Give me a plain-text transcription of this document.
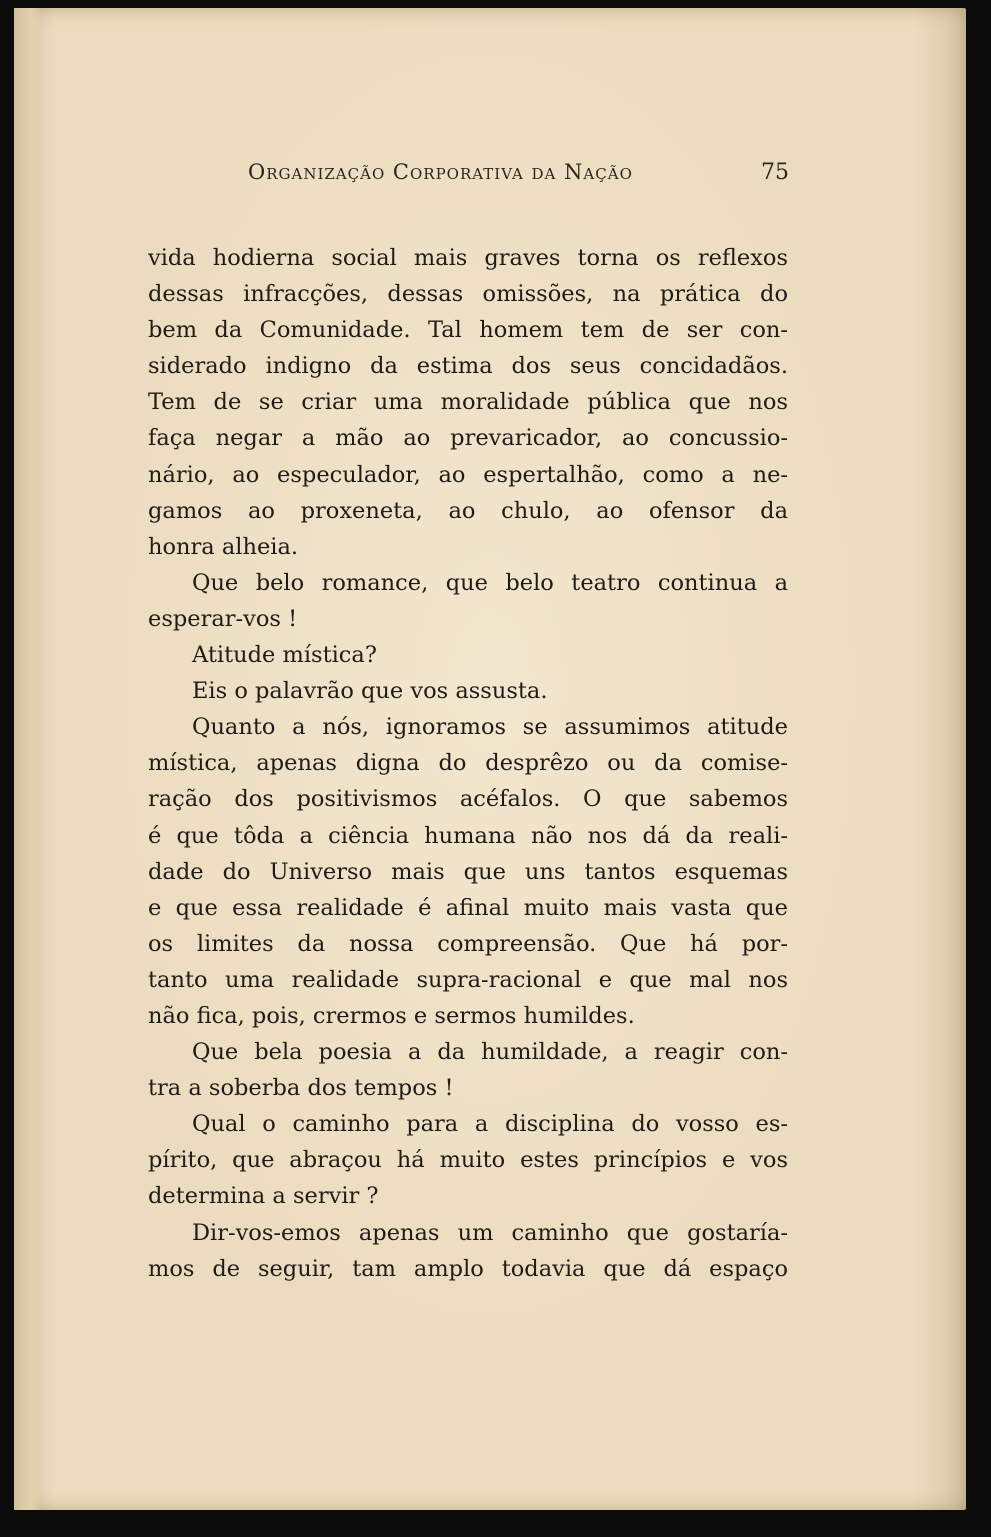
Organização Corporativa da Nação	75
vida hodierna social mais graves torna os reflexos
dessas infracções, dessas omissões, na prática do
bem da Comunidade. Tal homem tem de ser con-
siderado indigno da estima dos seus concidadãos.
Tem de se criar uma moralidade pública que nos
faça negar a mão ao prevaricador, ao concussio-
nário, ao especulador, ao espertalhão, como a ne-
gamos ao proxeneta, ao chulo, ao ofensor da
honra alheia.
Que belo romance, que belo teatro continua a
esperar-vos !
Atitude mística?
Eis o palavrão que vos assusta.
Quanto a nós, ignoramos se assumimos atitude
mística, apenas digna do desprêzo ou da comise-
ração dos positivismos acéfalos. O que sabemos
é que tôda a ciência humana não nos dá da reali-
dade do Universo mais que uns tantos esquemas
e que essa realidade é afinal muito mais vasta que
os limites da nossa compreensão. Que há por-
tanto uma realidade supra-racional e que mal nos
não fica, pois, crermos e sermos humildes.
Que bela poesia a da humildade, a reagir con-
tra a soberba dos tempos !
Qual o caminho para a disciplina do vosso es-
pírito, que abraçou há muito estes princípios e vos
determina a servir ?
Dir-vos-emos apenas um caminho que gostaría-
mos de seguir, tam amplo todavia que dá espaço
